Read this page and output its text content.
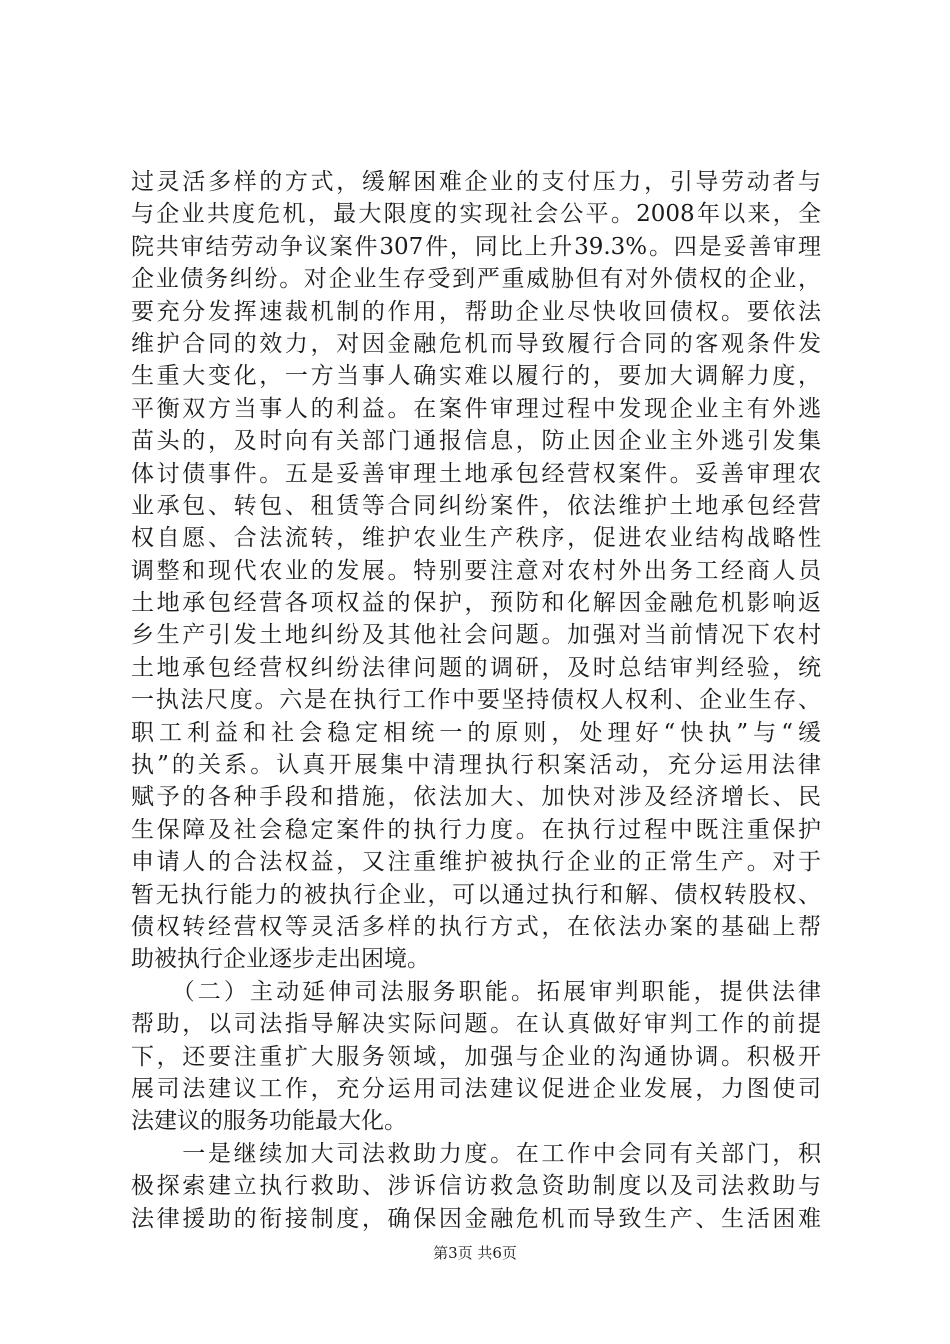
过灵活多样的方式，缓解困难企业的支付压力，引导劳动者与
与企业共度危机，最大限度的实现社会公平。2008年以来，全
院共审结劳动争议案件307件，同比上升39.3%。四是妥善审理
企业债务纠纷。对企业生存受到严重威胁但有对外债权的企业，
要充分发挥速裁机制的作用，帮助企业尽快收回债权。要依法
维护合同的效力，对因金融危机而导致履行合同的客观条件发
生重大变化，一方当事人确实难以履行的，要加大调解力度，
平衡双方当事人的利益。在案件审理过程中发现企业主有外逃
苗头的，及时向有关部门通报信息，防止因企业主外逃引发集
体讨债事件。五是妥善审理土地承包经营权案件。妥善审理农
业承包、转包、租赁等合同纠纷案件，依法维护土地承包经营
权自愿、合法流转，维护农业生产秩序，促进农业结构战略性
调整和现代农业的发展。特别要注意对农村外出务工经商人员
土地承包经营各项权益的保护，预防和化解因金融危机影响返
乡生产引发土地纠纷及其他社会问题。加强对当前情况下农村
土地承包经营权纠纷法律问题的调研，及时总结审判经验，统
一执法尺度。六是在执行工作中要坚持债权人权利、企业生存、
职工利益和社会稳定相统一的原则，处理好“快执”与“缓
执”的关系。认真开展集中清理执行积案活动，充分运用法律
赋予的各种手段和措施，依法加大、加快对涉及经济增长、民
生保障及社会稳定案件的执行力度。在执行过程中既注重保护
申请人的合法权益，又注重维护被执行企业的正常生产。对于
暂无执行能力的被执行企业，可以通过执行和解、债权转股权、
债权转经营权等灵活多样的执行方式，在依法办案的基础上帮
助被执行企业逐步走出困境。
　　（二）主动延伸司法服务职能。拓展审判职能，提供法律
帮助，以司法指导解决实际问题。在认真做好审判工作的前提
下，还要注重扩大服务领域，加强与企业的沟通协调。积极开
展司法建议工作，充分运用司法建议促进企业发展，力图使司
法建议的服务功能最大化。
　　一是继续加大司法救助力度。在工作中会同有关部门，积
极探索建立执行救助、涉诉信访救急资助制度以及司法救助与
法律援助的衔接制度，确保因金融危机而导致生产、生活困难
第3页 共6页
